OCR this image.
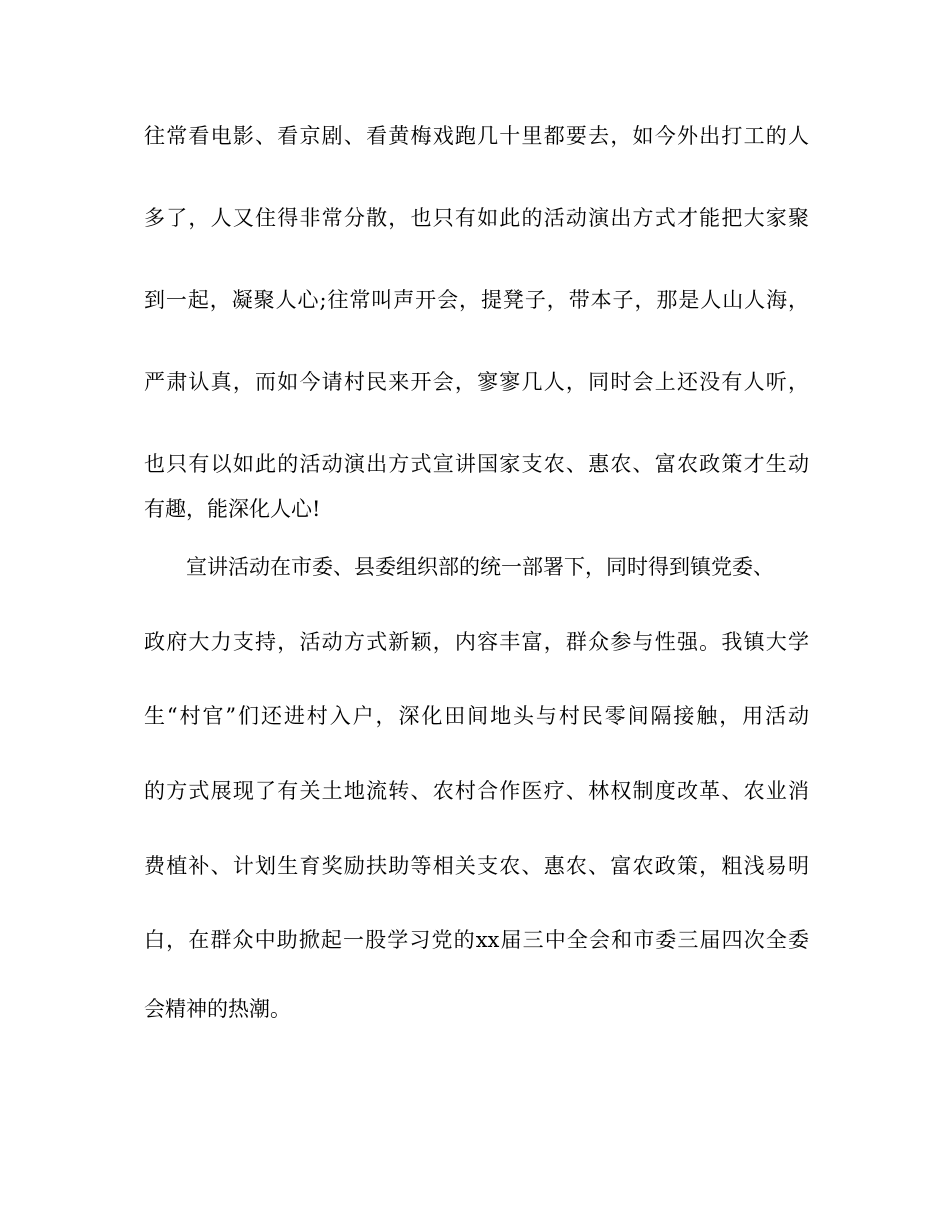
往常看电影、看京剧、看黄梅戏跑几十里都要去，如今外出打工的人

多了，人又住得非常分散，也只有如此的活动演出方式才能把大家聚

到一起，凝聚人心;往常叫声开会，提凳子，带本子，那是人山人海，

严肃认真，而如今请村民来开会，寥寥几人，同时会上还没有人听，

也只有以如此的活动演出方式宣讲国家支农、惠农、富农政策才生动

有趣，能深化人心!

宣讲活动在市委、县委组织部的统一部署下，同时得到镇党委、

政府大力支持，活动方式新颖，内容丰富，群众参与性强。我镇大学

生“村官”们还进村入户，深化田间地头与村民零间隔接触，用活动

的方式展现了有关土地流转、农村合作医疗、林权制度改革、农业消

费植补、计划生育奖励扶助等相关支农、惠农、富农政策，粗浅易明

白，在群众中助掀起一股学习党的xx届三中全会和市委三届四次全委

会精神的热潮。
